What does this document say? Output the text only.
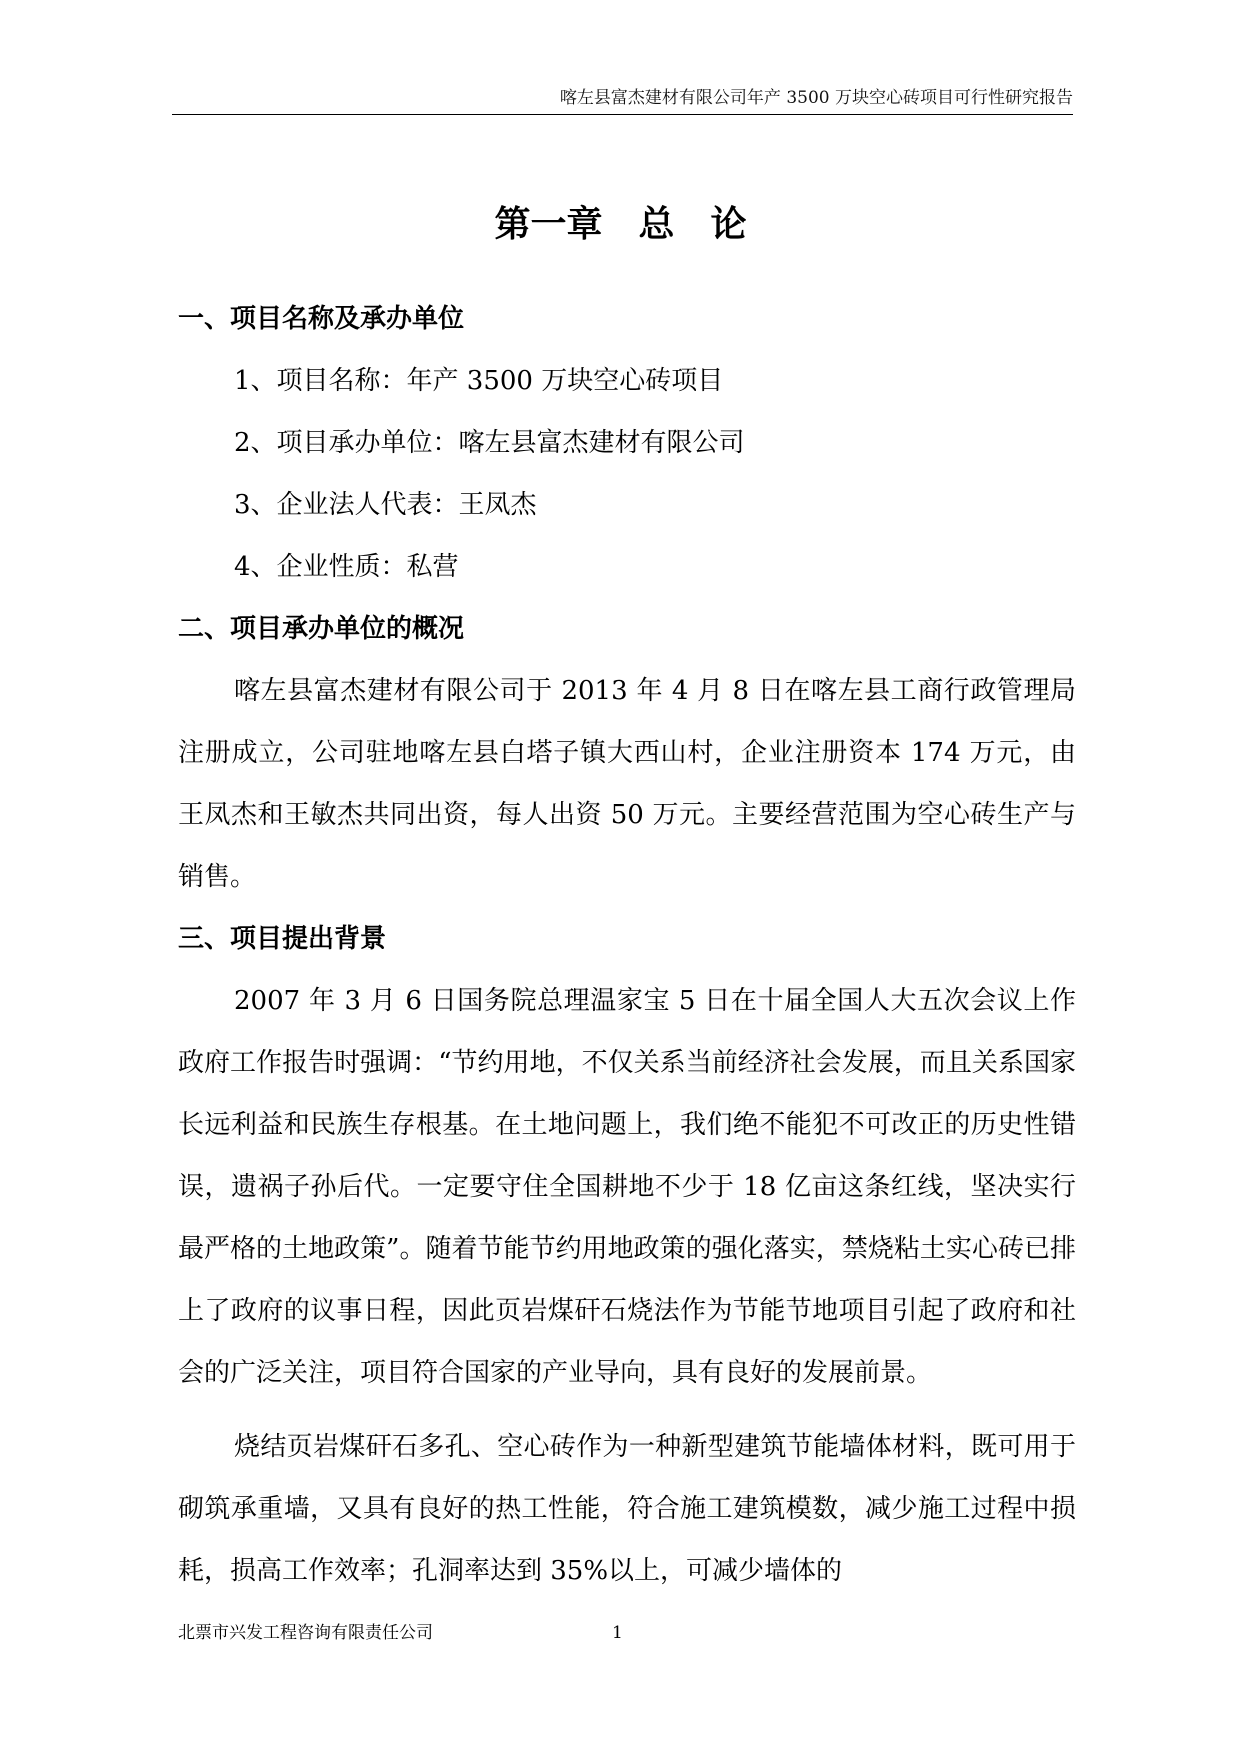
喀左县富杰建材有限公司年产 3500 万块空心砖项目可行性研究报告
第一章　总　论
一、项目名称及承办单位
1、项目名称：年产 3500 万块空心砖项目
2、项目承办单位：喀左县富杰建材有限公司
3、企业法人代表：王凤杰
4、企业性质：私营
二、项目承办单位的概况

喀左县富杰建材有限公司于 2013 年 4 月 8 日在喀左县工商行政管理局注册成立，公司驻地喀左县白塔子镇大西山村，企业注册资本 174 万元，由王凤杰和王敏杰共同出资，每人出资 50 万元。主要经营范围为空心砖生产与销售。

三、项目提出背景

2007 年 3 月 6 日国务院总理温家宝 5 日在十届全国人大五次会议上作政府工作报告时强调：“节约用地，不仅关系当前经济社会发展，而且关系国家长远利益和民族生存根基。在土地问题上，我们绝不能犯不可改正的历史性错误，遗祸子孙后代。一定要守住全国耕地不少于 18 亿亩这条红线，坚决实行最严格的土地政策”。随着节能节约用地政策的强化落实，禁烧粘土实心砖已排上了政府的议事日程，因此页岩煤矸石烧法作为节能节地项目引起了政府和社会的广泛关注，项目符合国家的产业导向，具有良好的发展前景。

烧结页岩煤矸石多孔、空心砖作为一种新型建筑节能墙体材料，既可用于砌筑承重墙，又具有良好的热工性能，符合施工建筑模数，减少施工过程中损耗，损高工作效率；孔洞率达到 35%以上，可减少墙体的

北票市兴发工程咨询有限责任公司	1
